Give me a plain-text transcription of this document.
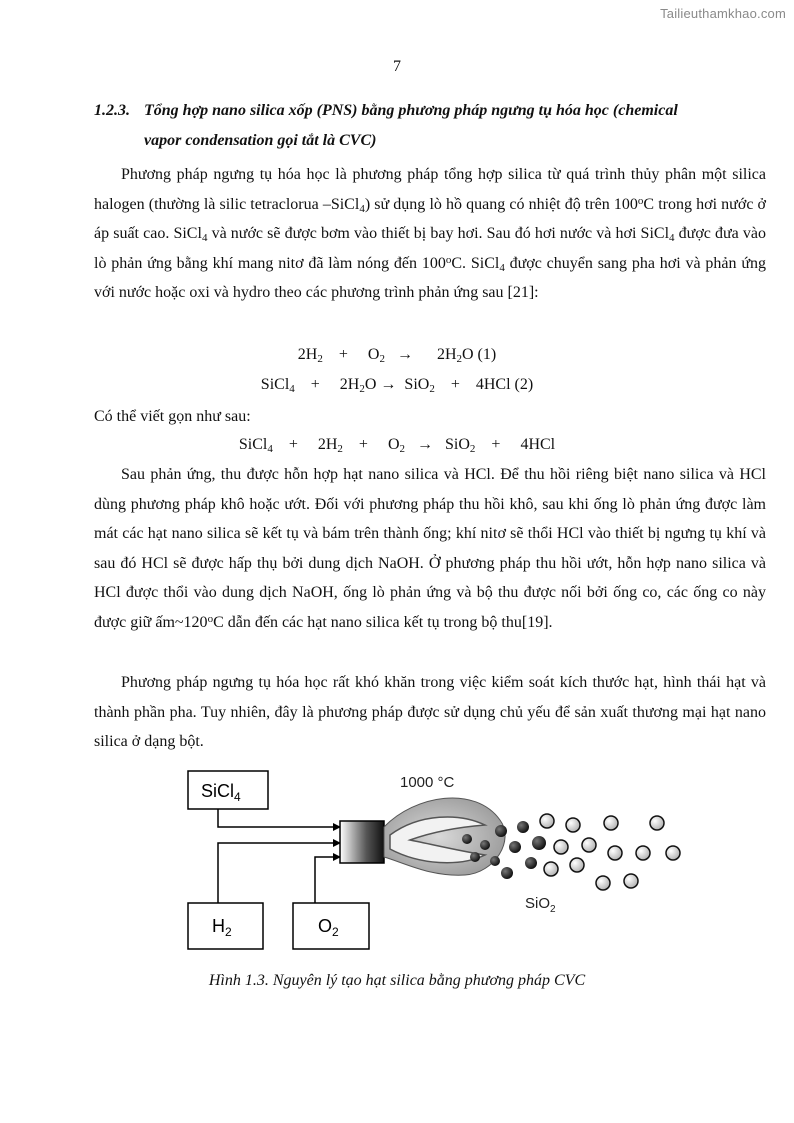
Tailieuthamkhao.com
7
1.2.3. Tổng hợp nano silica xốp (PNS) bằng phương pháp ngưng tụ hóa học (chemical
vapor condensation gọi tắt là CVC)

Phương pháp ngưng tụ hóa học là phương pháp tổng hợp silica từ quá trình thủy phân một silica halogen (thường là silic tetraclorua –SiCl$_4$) sử dụng lò hồ quang có nhiệt độ trên 100$^o$C trong hơi nước ở áp suất cao. SiCl$_4$ và nước sẽ được bơm vào thiết bị bay hơi. Sau đó hơi nước và hơi SiCl$_4$ được đưa vào lò phản ứng bằng khí mang nitơ đã làm nóng đến 100$^o$C. SiCl$_4$ được chuyển sang pha hơi và phản ứng với nước hoặc oxi và hydro theo các phương trình phản ứng sau [21]:

$2H_2 + O_2 \to 2H_2O$ (1)
SiCl$_4$ + $2H_2O \to SiO_2 + 4HCl$ (2)
Có thể viết gọn như sau:
SiCl$_4$ + $2H_2 + O_2 \to SiO_2 + 4HCl$

Sau phản ứng, thu được hỗn hợp hạt nano silica và HCl. Để thu hồi riêng biệt nano silica và HCl dùng phương pháp khô hoặc ướt. Đối với phương pháp thu hồi khô, sau khi ống lò phản ứng được làm mát các hạt nano silica sẽ kết tụ và bám trên thành ống; khí nitơ sẽ thổi HCl vào thiết bị ngưng tụ khí và sau đó HCl sẽ được hấp thụ bởi dung dịch NaOH. Ở phương pháp thu hồi ướt, hỗn hợp nano silica và HCl được thổi vào dung dịch NaOH, ống lò phản ứng và bộ thu được nối bởi ống co, các ống co này được giữ ấm~120$^o$C dẫn đến các hạt nano silica kết tụ trong bộ thu[19].

Phương pháp ngưng tụ hóa học rất khó khăn trong việc kiểm soát kích thước hạt, hình thái hạt và thành phần pha. Tuy nhiên, đây là phương pháp được sử dụng chủ yếu để sản xuất thương mại hạt nano silica ở dạng bột.

SiCl$_4$
$H_2$	$O_2$
1000 °C
SiO$_2$
Hình 1.3. Nguyên lý tạo hạt silica bằng phương pháp CVC
